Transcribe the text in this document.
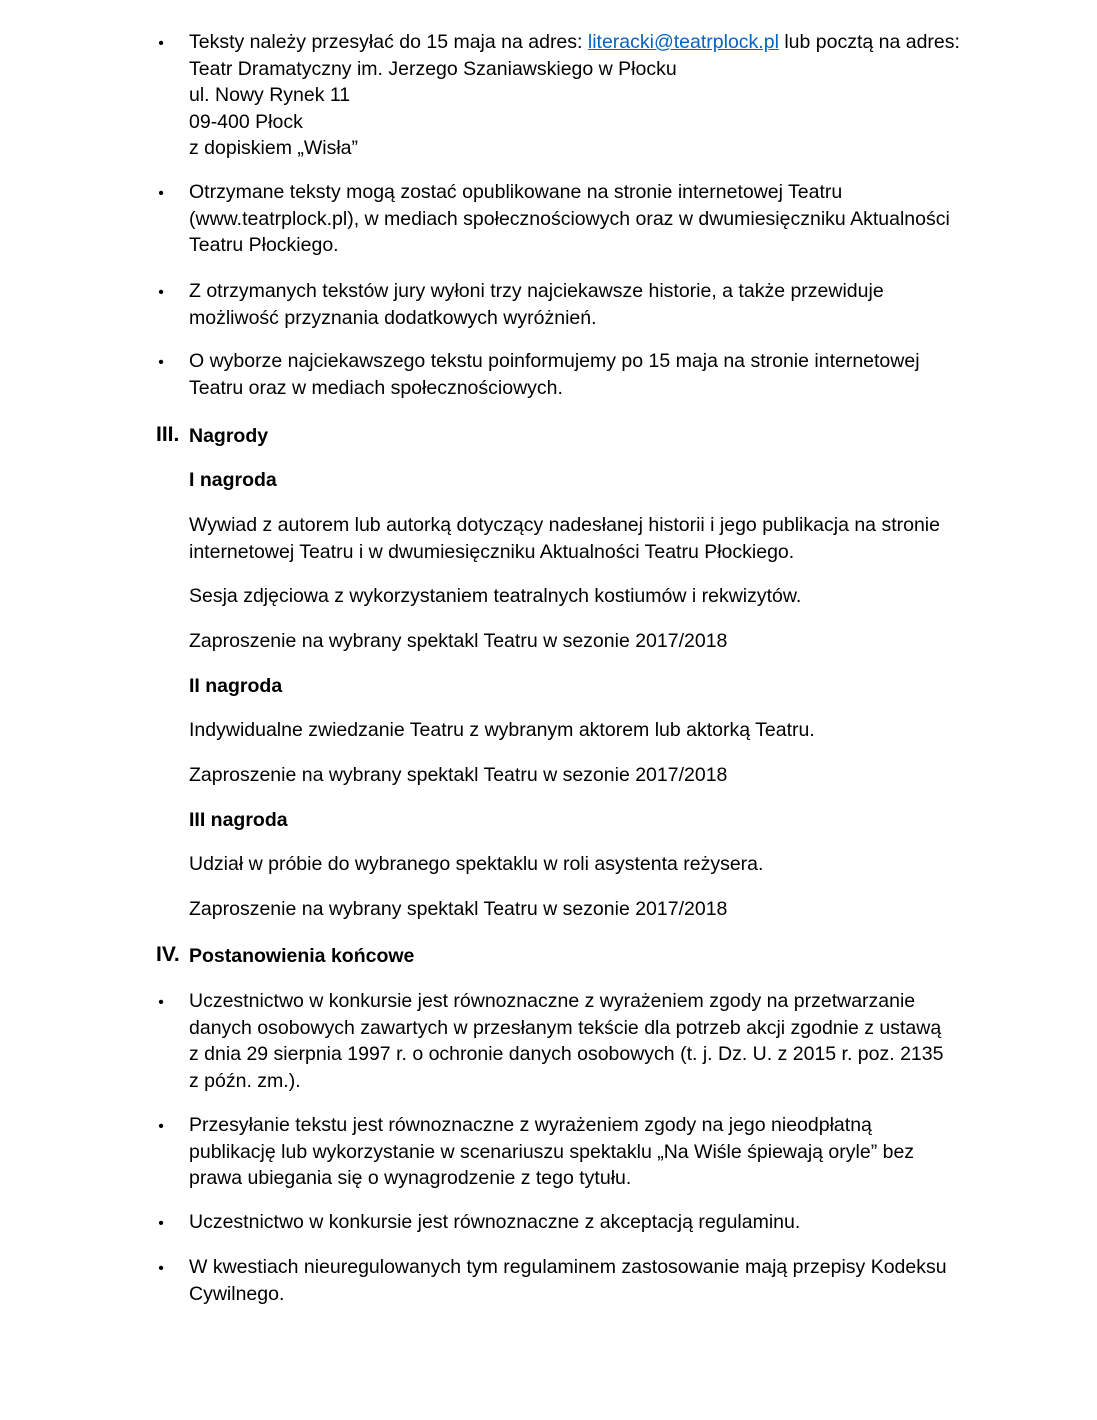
• Teksty należy przesyłać do 15 maja na adres: literacki@teatrplock.pl lub pocztą na adres:
Teatr Dramatyczny im. Jerzego Szaniawskiego w Płocku
ul. Nowy Rynek 11
09-400 Płock
z dopiskiem „Wisła”
• Otrzymane teksty mogą zostać opublikowane na stronie internetowej Teatru
(www.teatrplock.pl), w mediach społecznościowych oraz w dwumiesięczniku Aktualności
Teatru Płockiego.
• Z otrzymanych tekstów jury wyłoni trzy najciekawsze historie, a także przewiduje
możliwość przyznania dodatkowych wyróżnień.
• O wyborze najciekawszego tekstu poinformujemy po 15 maja na stronie internetowej
Teatru oraz w mediach społecznościowych.
III. Nagrody
I nagroda
Wywiad z autorem lub autorką dotyczący nadesłanej historii i jego publikacja na stronie
internetowej Teatru i w dwumiesięczniku Aktualności Teatru Płockiego.
Sesja zdjęciowa z wykorzystaniem teatralnych kostiumów i rekwizytów.
Zaproszenie na wybrany spektakl Teatru w sezonie 2017/2018
II nagroda
Indywidualne zwiedzanie Teatru z wybranym aktorem lub aktorką Teatru.
Zaproszenie na wybrany spektakl Teatru w sezonie 2017/2018
III nagroda
Udział w próbie do wybranego spektaklu w roli asystenta reżysera.
Zaproszenie na wybrany spektakl Teatru w sezonie 2017/2018
IV. Postanowienia końcowe
• Uczestnictwo w konkursie jest równoznaczne z wyrażeniem zgody na przetwarzanie
danych osobowych zawartych w przesłanym tekście dla potrzeb akcji zgodnie z ustawą
z dnia 29 sierpnia 1997 r. o ochronie danych osobowych (t. j. Dz. U. z 2015 r. poz. 2135
z późn. zm.).
• Przesyłanie tekstu jest równoznaczne z wyrażeniem zgody na jego nieodpłatną
publikację lub wykorzystanie w scenariuszu spektaklu „Na Wiśle śpiewają oryle” bez
prawa ubiegania się o wynagrodzenie z tego tytułu.
• Uczestnictwo w konkursie jest równoznaczne z akceptacją regulaminu.
• W kwestiach nieuregulowanych tym regulaminem zastosowanie mają przepisy Kodeksu
Cywilnego.
